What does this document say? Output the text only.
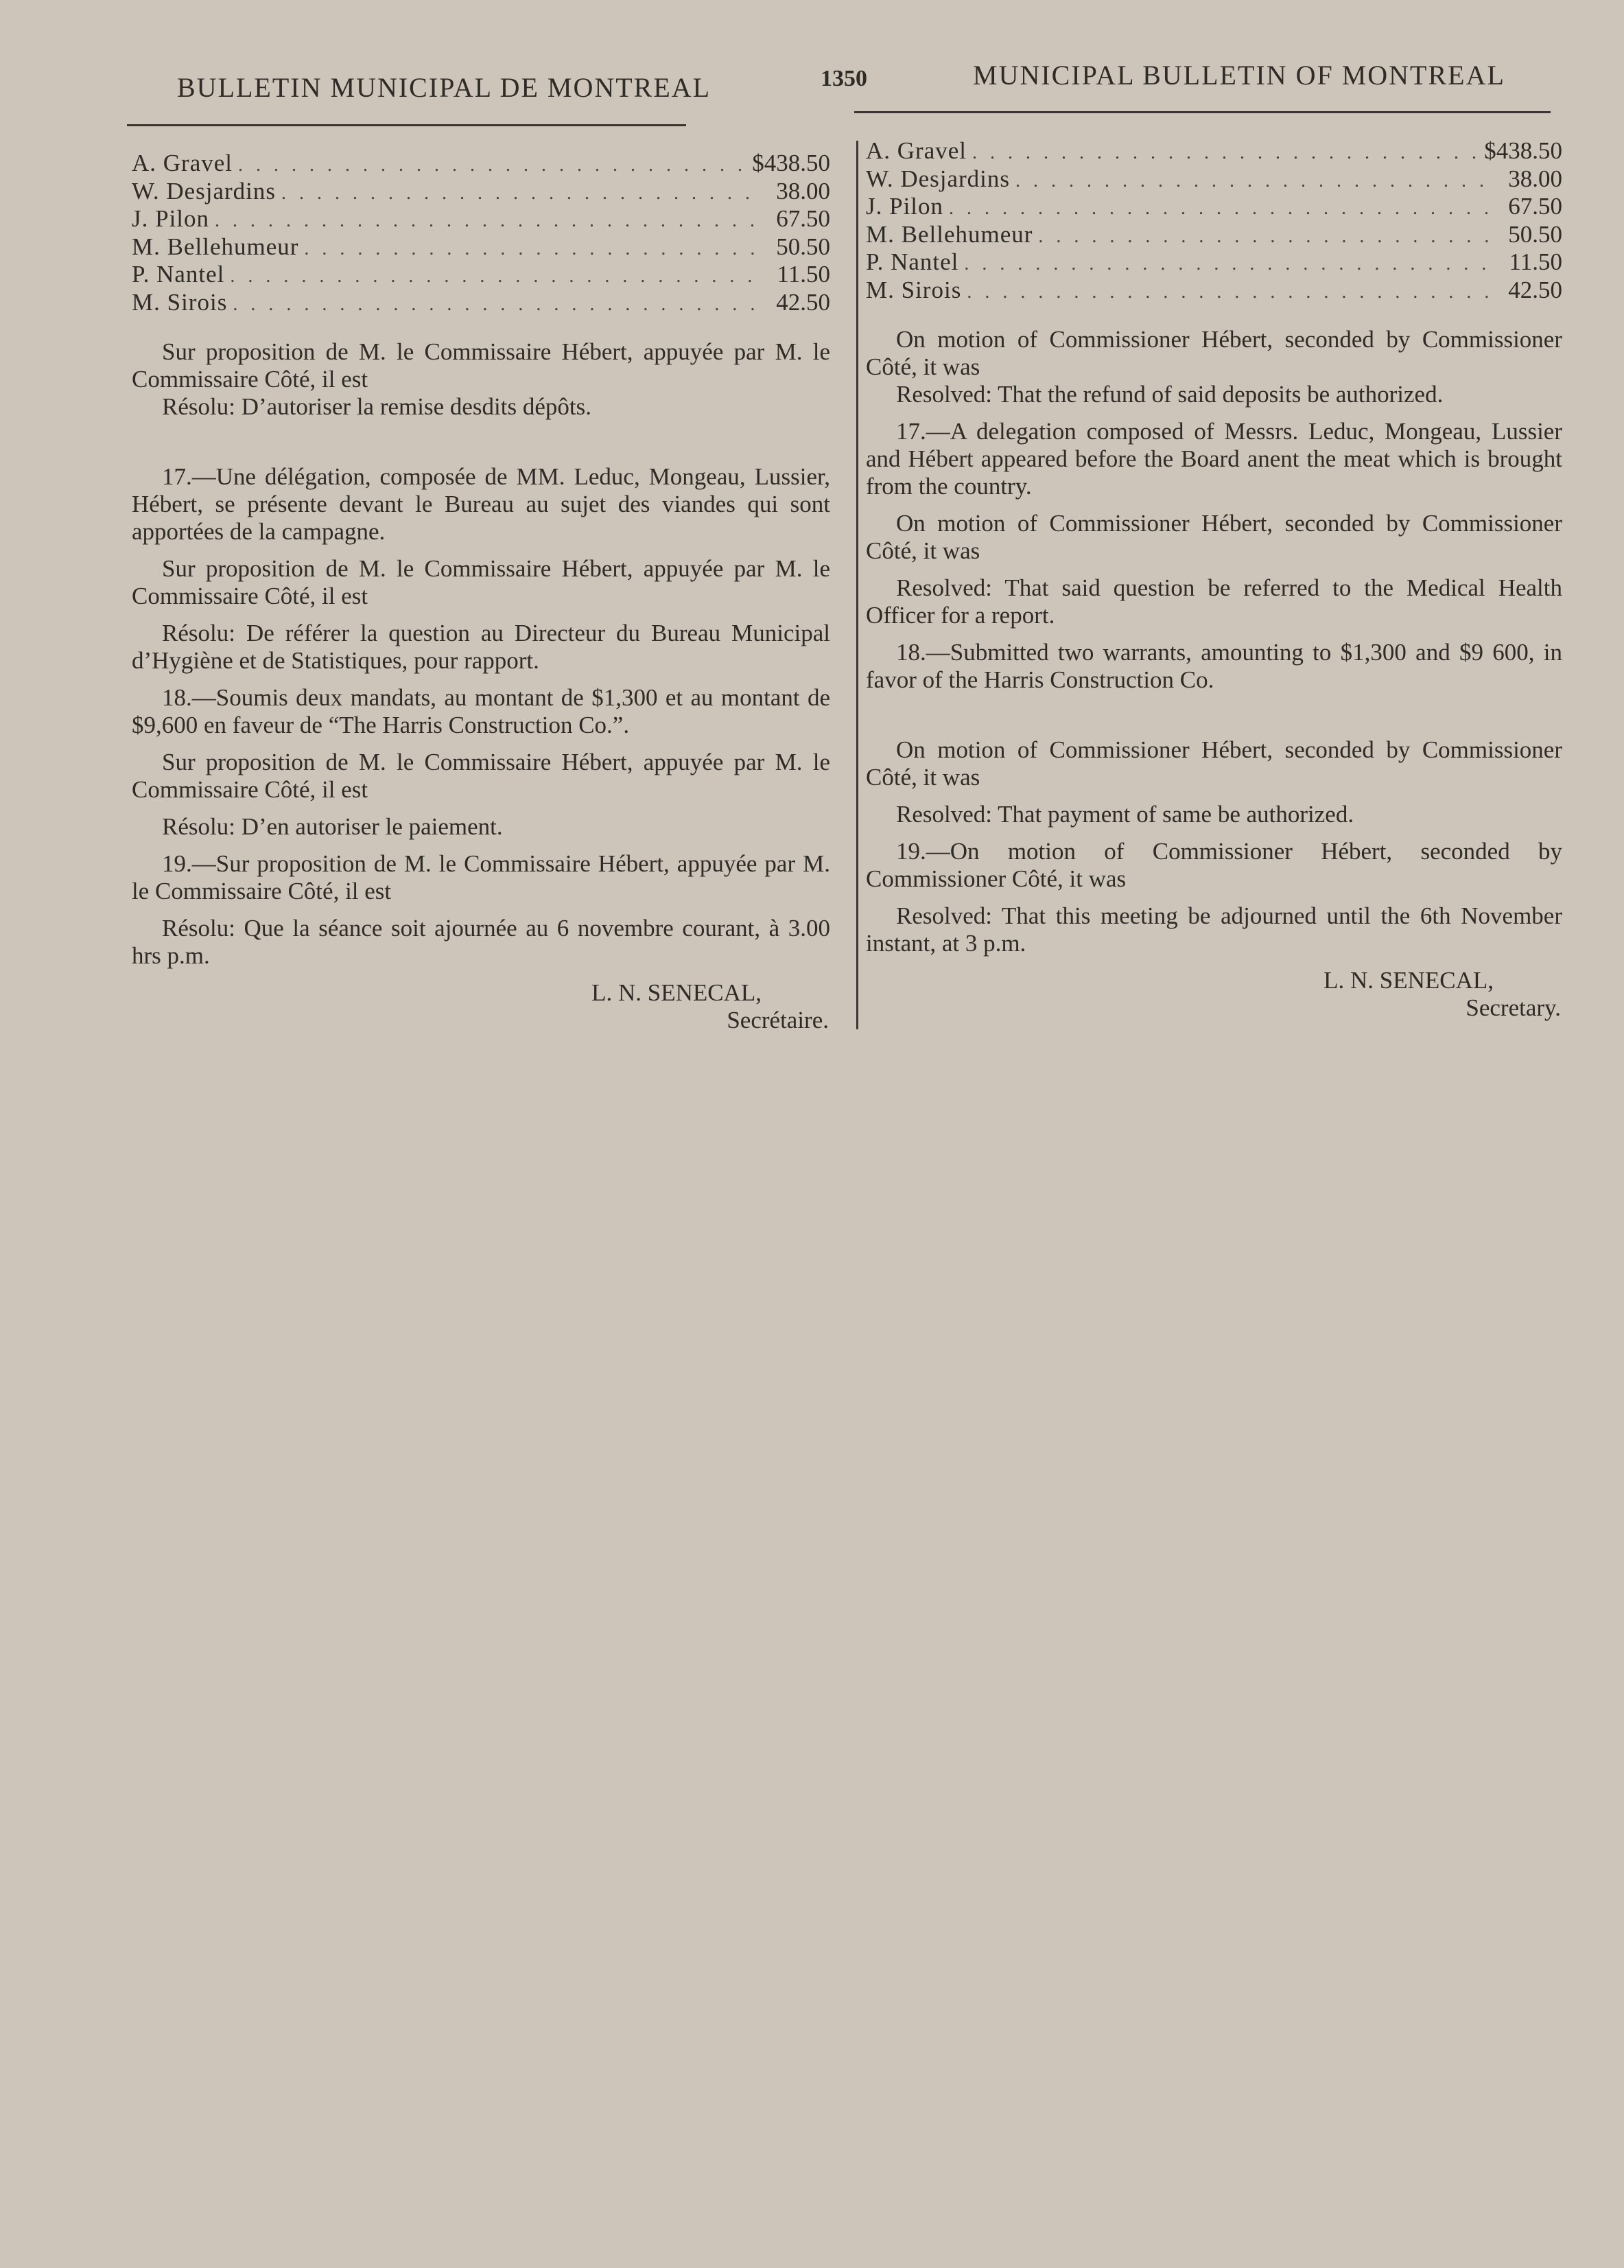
BULLETIN MUNICIPAL DE MONTREAL	1350	MUNICIPAL BULLETIN OF MONTREAL
A. Gravel . . .	$438.50
W. Desjardins . . .	38.00
J. Pilon . . .	67.50
M. Bellehumeur . . .	50.50
P. Nantel . . .	11.50
M. Sirois . . .	42.50

Sur proposition de M. le Commissaire Hébert, appuyée par M. le Commissaire Côté, il est

Résolu: D’autoriser la remise desdits dépôts.

17.—Une délégation, composée de MM. Leduc, Mongeau, Lussier, Hébert, se présente devant le Bureau au sujet des viandes qui sont apportées de la campagne.

Sur proposition de M. le Commissaire Hébert, appuyée par M. le Commissaire Côté, il est

Résolu: De référer la question au Directeur du Bureau Municipal d’Hygiène et de Statistiques, pour rapport.

18.—Soumis deux mandats, au montant de $1,300 et au montant de $9,600 en faveur de “The Harris Construction Co.”.

Sur proposition de M. le Commissaire Hébert, appuyée par M. le Commissaire Côté, il est

Résolu: D’en autoriser le paiement.

19.—Sur proposition de M. le Commissaire Hébert, appuyée par M. le Commissaire Côté, il est

Résolu: Que la séance soit ajournée au 6 novembre courant, à 3.00 hrs p.m.

L. N. SENECAL,

Secrétaire.

A. Gravel . . .	$438.50
W. Desjardins . . .	38.00
J. Pilon . . .	67.50
M. Bellehumeur . . .	50.50
P. Nantel . . .	11.50
M. Sirois . . .	42.50

On motion of Commissioner Hébert, seconded by Commissioner Côté, it was

Resolved: That the refund of said deposits be authorized.

17.—A delegation composed of Messrs. Leduc, Mongeau, Lussier and Hébert appeared before the Board anent the meat which is brought from the country.

On motion of Commissioner Hébert, seconded by Commissioner Côté, it was

Resolved: That said question be referred to the Medical Health Officer for a report.

18.—Submitted two warrants, amounting to $1,300 and $9 600, in favor of the Harris Construction Co.

On motion of Commissioner Hébert, seconded by Commissioner Côté, it was

Resolved: That payment of same be authorized.

19.—On motion of Commissioner Hébert, seconded by Commissioner Côté, it was

Resolved: That this meeting be adjourned until the 6th November instant, at 3 p.m.

L. N. SENECAL,

Secretary.
